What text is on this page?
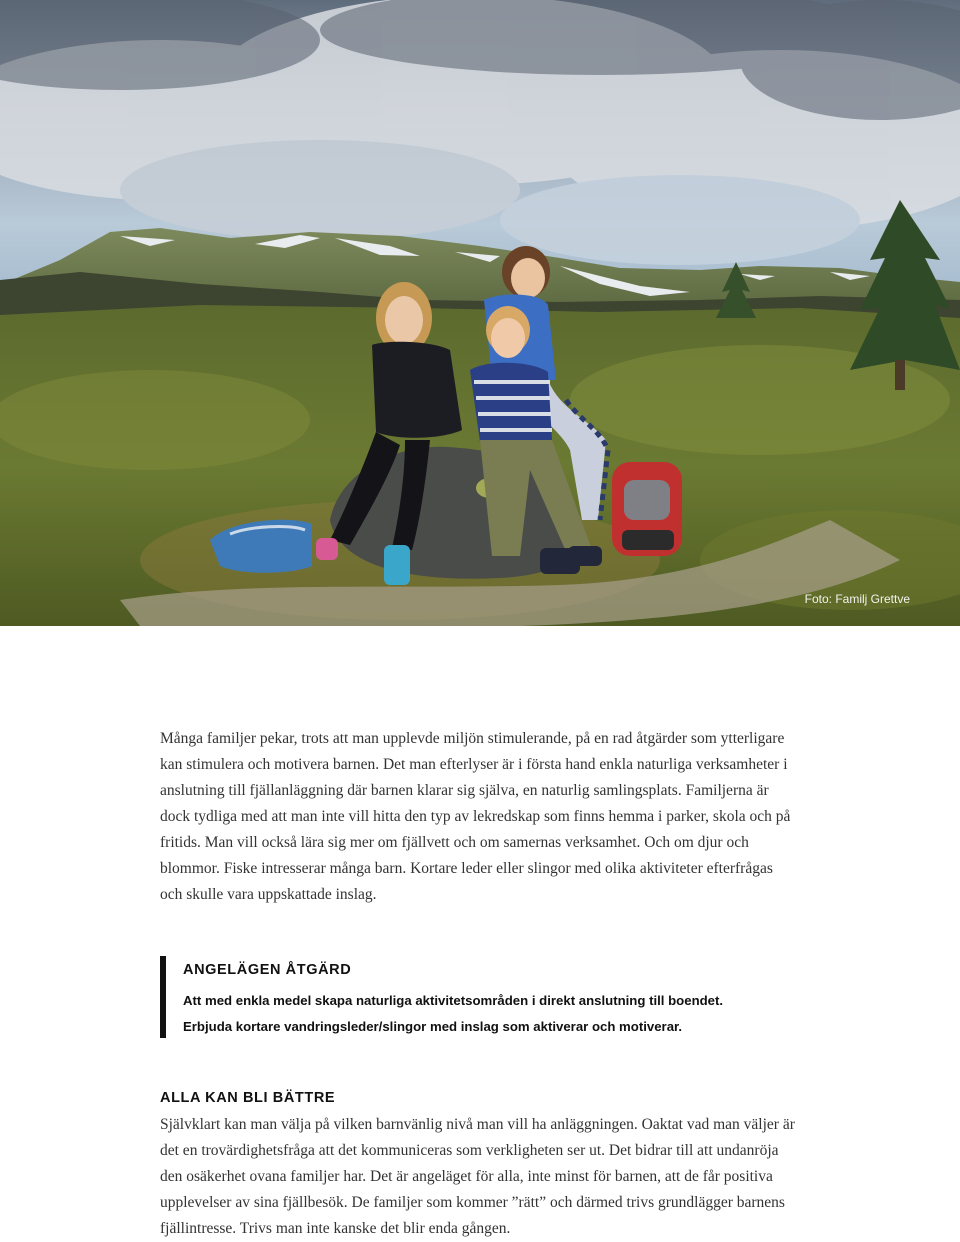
Foto: Familj Grettve

Många familjer pekar, trots att man upplevde miljön stimulerande, på en rad åtgärder som ytterligare kan stimulera och motivera barnen. Det man efterlyser är i första hand enkla naturliga verksamheter i anslutning till fjällanläggning där barnen klarar sig själva, en naturlig samlingsplats. Familjerna är dock tydliga med att man inte vill hitta den typ av lekredskap som finns hemma i parker, skola och på fritids. Man vill också lära sig mer om fjällvett och om samernas verksamhet. Och om djur och blommor. Fiske intresserar många barn. Kortare leder eller slingor med olika aktiviteter efterfrågas och skulle vara uppskattade inslag.

ANGELÄGEN ÅTGÄRD

Att med enkla medel skapa naturliga aktivitetsområden i direkt anslutning till boendet.

Erbjuda kortare vandringsleder/slingor med inslag som aktiverar och motiverar.

ALLA KAN BLI BÄTTRE

Självklart kan man välja på vilken barnvänlig nivå man vill ha anläggningen. Oaktat vad man väljer är det en trovärdighetsfråga att det kommuniceras som verkligheten ser ut. Det bidrar till att undanröja den osäkerhet ovana familjer har. Det är angeläget för alla, inte minst för barnen, att de får positiva upplevelser av sina fjällbesök. De familjer som kommer ”rätt” och därmed trivs grundlägger barnens fjällintresse. Trivs man inte kanske det blir enda gången.
